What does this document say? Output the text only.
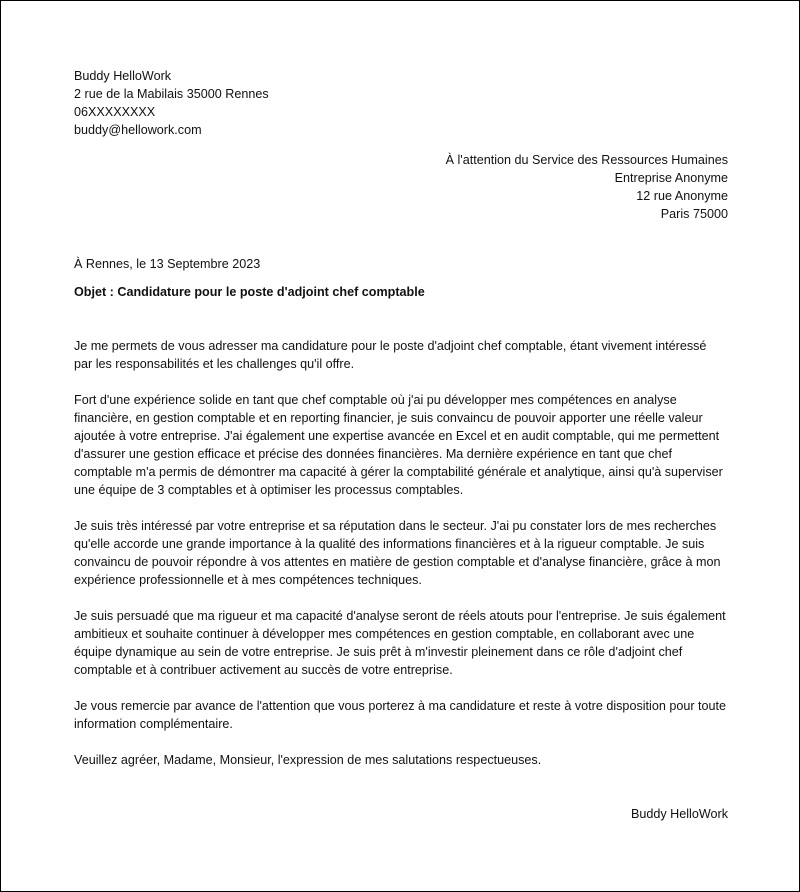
Buddy HelloWork

2 rue de la Mabilais 35000 Rennes

06XXXXXXXX

buddy@hellowork.com

À l'attention du Service des Ressources Humaines

Entreprise Anonyme

12 rue Anonyme

Paris 75000

À Rennes, le 13 Septembre 2023

Objet : Candidature pour le poste d'adjoint chef comptable

Je me permets de vous adresser ma candidature pour le poste d'adjoint chef comptable, étant vivement intéressé par les responsabilités et les challenges qu'il offre.

Fort d'une expérience solide en tant que chef comptable où j'ai pu développer mes compétences en analyse financière, en gestion comptable et en reporting financier, je suis convaincu de pouvoir apporter une réelle valeur ajoutée à votre entreprise. J'ai également une expertise avancée en Excel et en audit comptable, qui me permettent d'assurer une gestion efficace et précise des données financières. Ma dernière expérience en tant que chef comptable m'a permis de démontrer ma capacité à gérer la comptabilité générale et analytique, ainsi qu'à superviser une équipe de 3 comptables et à optimiser les processus comptables.

Je suis très intéressé par votre entreprise et sa réputation dans le secteur. J'ai pu constater lors de mes recherches qu'elle accorde une grande importance à la qualité des informations financières et à la rigueur comptable. Je suis convaincu de pouvoir répondre à vos attentes en matière de gestion comptable et d'analyse financière, grâce à mon expérience professionnelle et à mes compétences techniques.

Je suis persuadé que ma rigueur et ma capacité d'analyse seront de réels atouts pour l'entreprise. Je suis également ambitieux et souhaite continuer à développer mes compétences en gestion comptable, en collaborant avec une équipe dynamique au sein de votre entreprise. Je suis prêt à m'investir pleinement dans ce rôle d'adjoint chef comptable et à contribuer activement au succès de votre entreprise.

Je vous remercie par avance de l'attention que vous porterez à ma candidature et reste à votre disposition pour toute information complémentaire.

Veuillez agréer, Madame, Monsieur, l'expression de mes salutations respectueuses.

Buddy HelloWork
